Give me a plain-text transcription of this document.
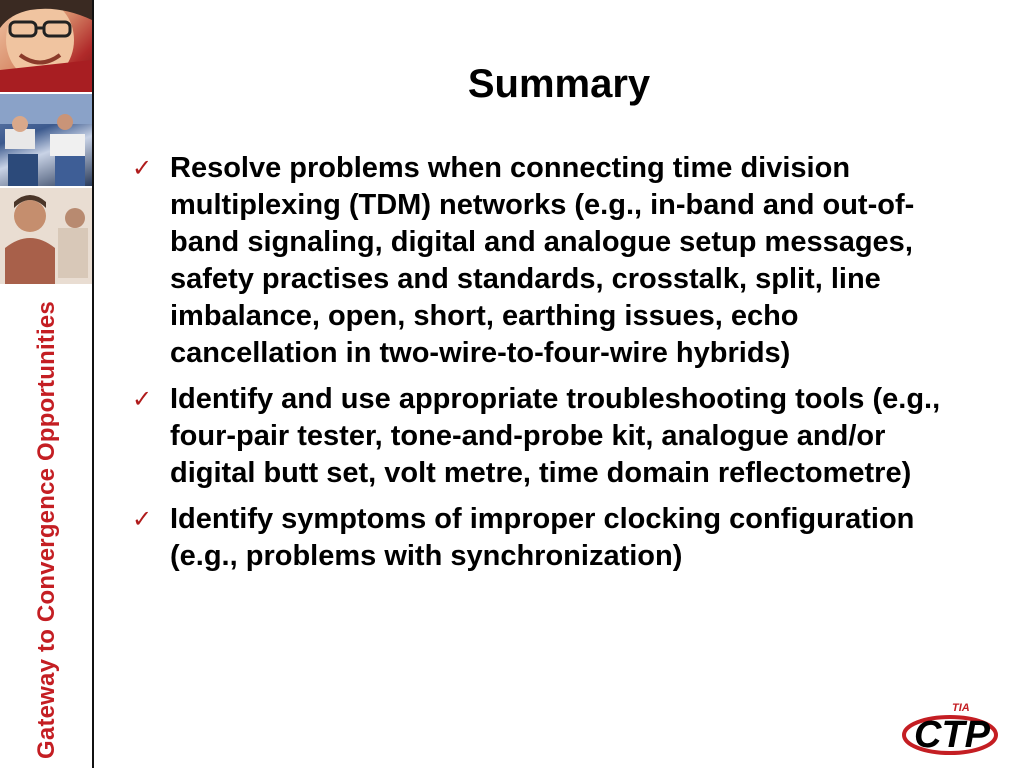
Gateway to Convergence Opportunities
Summary
✓ Resolve problems when connecting time division multiplexing (TDM) networks (e.g., in-band and out-of-band signaling, digital and analogue setup messages, safety practises and standards, crosstalk, split, line imbalance, open, short, earthing issues, echo cancellation in two-wire-to-four-wire hybrids)
✓ Identify and use appropriate troubleshooting tools (e.g., four-pair tester, tone-and-probe kit, analogue and/or digital butt set, volt metre, time domain reflectometre)
✓ Identify symptoms of improper clocking configuration (e.g., problems with synchronization)
TIA
CTP
